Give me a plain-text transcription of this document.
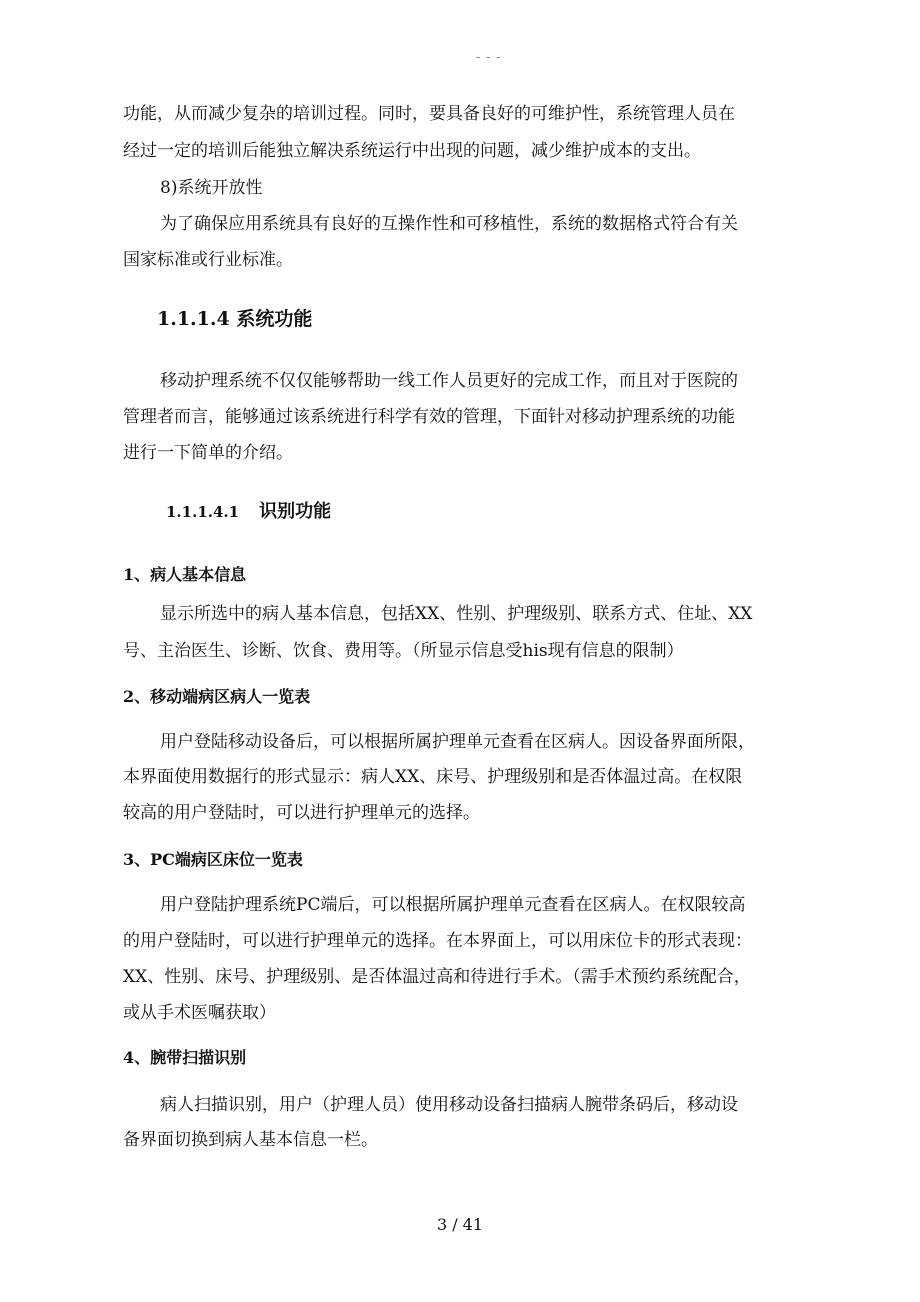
- - -
功能，从而减少复杂的培训过程。同时，要具备良好的可维护性，系统管理人员在
经过一定的培训后能独立解决系统运行中出现的问题，减少维护成本的支出。
8)系统开放性
为了确保应用系统具有良好的互操作性和可移植性，系统的数据格式符合有关
国家标准或行业标准。
1.1.1.4 系统功能
移动护理系统不仅仅能够帮助一线工作人员更好的完成工作，而且对于医院的
管理者而言，能够通过该系统进行科学有效的管理，下面针对移动护理系统的功能
进行一下简单的介绍。
1.1.1.4.1 识别功能
1、病人基本信息
显示所选中的病人基本信息，包括XX、性别、护理级别、联系方式、住址、XX
号、主治医生、诊断、饮食、费用等。（所显示信息受his现有信息的限制）
2、移动端病区病人一览表
用户登陆移动设备后，可以根据所属护理单元查看在区病人。因设备界面所限，
本界面使用数据行的形式显示：病人XX、床号、护理级别和是否体温过高。在权限
较高的用户登陆时，可以进行护理单元的选择。
3、PC端病区床位一览表
用户登陆护理系统PC端后，可以根据所属护理单元查看在区病人。在权限较高
的用户登陆时，可以进行护理单元的选择。在本界面上，可以用床位卡的形式表现：
XX、性别、床号、护理级别、是否体温过高和待进行手术。（需手术预约系统配合，
或从手术医嘱获取）
4、腕带扫描识别
病人扫描识别，用户（护理人员）使用移动设备扫描病人腕带条码后，移动设
备界面切换到病人基本信息一栏。
3 / 41
